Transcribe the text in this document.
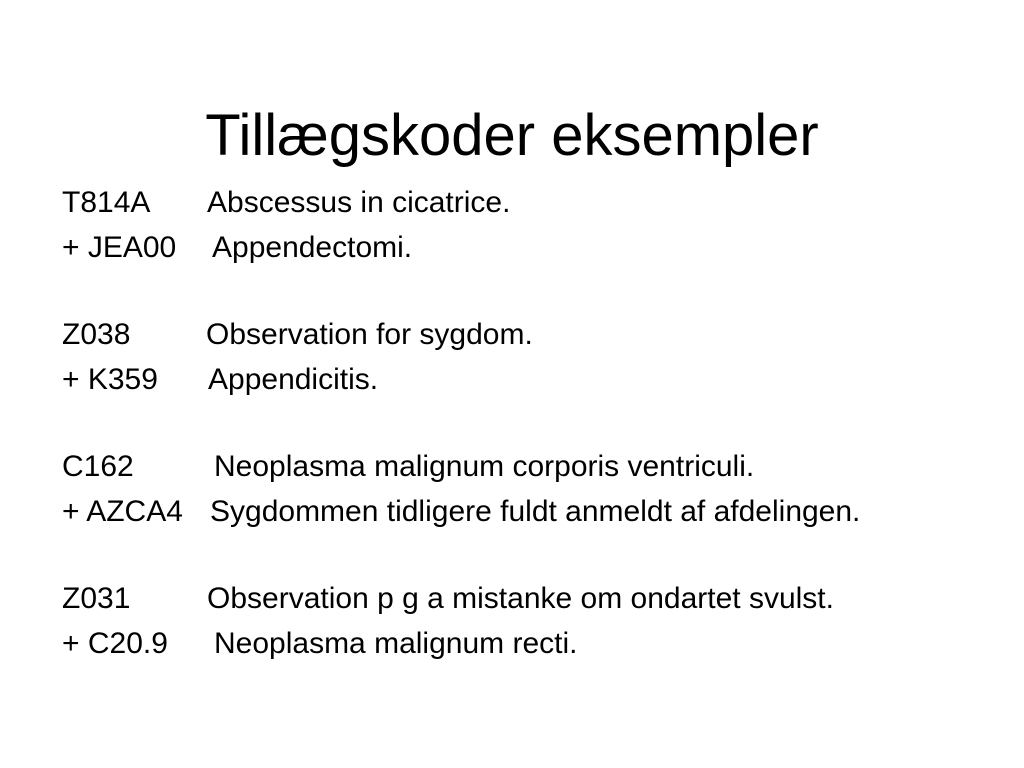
Tillægskoder eksempler
T814A Abscessus in cicatrice.
+ JEA00 Appendectomi.
Z038	Observation for sygdom.
+ K359 Appendicitis.
C162	Neoplasma malignum corporis ventriculi.
+ AZCA4 Sygdommen tidligere fuldt anmeldt af afdelingen.
Z031	Observation p g a mistanke om ondartet svulst.
+ C20.9 Neoplasma malignum recti.
